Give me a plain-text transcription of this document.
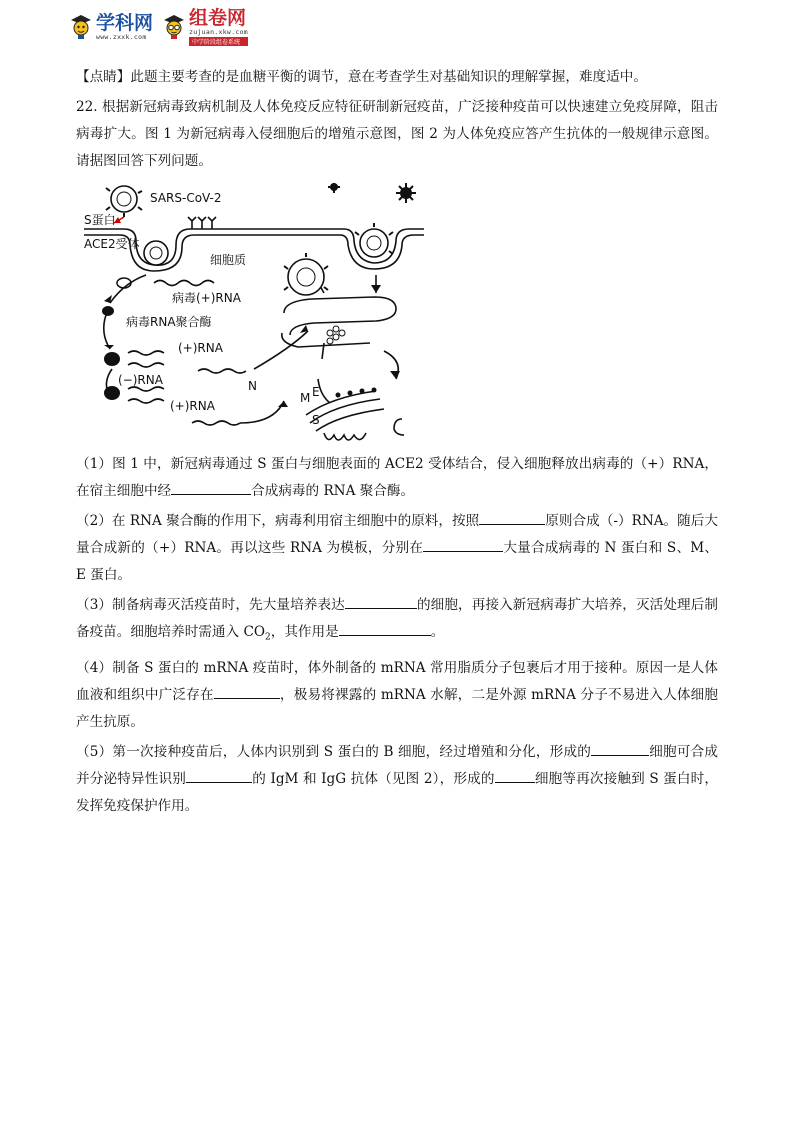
学科网
www.zxxk.com
组卷网
zujuan.xkw.com
中学阶段组卷系统

【点睛】此题主要考查的是血糖平衡的调节，意在考查学生对基础知识的理解掌握，难度适中。

22. 根据新冠病毒致病机制及人体免疫反应特征研制新冠疫苗，广泛接种疫苗可以快速建立免疫屏障，阻击病毒扩大。图 1 为新冠病毒入侵细胞后的增殖示意图，图 2 为人体免疫应答产生抗体的一般规律示意图。请据图回答下列问题。

SARS-CoV-2
S蛋白
ACE2受体
细胞质
病毒(+)RNA
病毒RNA聚合酶
(+)RNA
(−)RNA
(+)RNA
N
M E
S

（1）图 1 中，新冠病毒通过 S 蛋白与细胞表面的 ACE2 受体结合，侵入细胞释放出病毒的（+）RNA，在宿主细胞中经	合成病毒的 RNA 聚合酶。

（2）在 RNA 聚合酶的作用下，病毒利用宿主细胞中的原料，按照	原则合成（-）RNA。随后大量合成新的（+）RNA。再以这些 RNA 为模板，分别在	大量合成病毒的 N 蛋白和 S、M、E 蛋白。

（3）制备病毒灭活疫苗时，先大量培养表达	的细胞，再接入新冠病毒扩大培养，灭活处理后制备疫苗。细胞培养时需通入 $CO_2$，其作用是	。

（4）制备 S 蛋白的 mRNA 疫苗时，体外制备的 mRNA 常用脂质分子包裹后才用于接种。原因一是人体血液和组织中广泛存在	，极易将裸露的 mRNA 水解，二是外源 mRNA 分子不易进入人体细胞产生抗原。

（5）第一次接种疫苗后，人体内识别到 S 蛋白的 B 细胞，经过增殖和分化，形成的	细胞可合成并分泌特异性识别	的 IgM 和 IgG 抗体（见图 2），形成的	细胞等再次接触到 S 蛋白时，发挥免疫保护作用。
